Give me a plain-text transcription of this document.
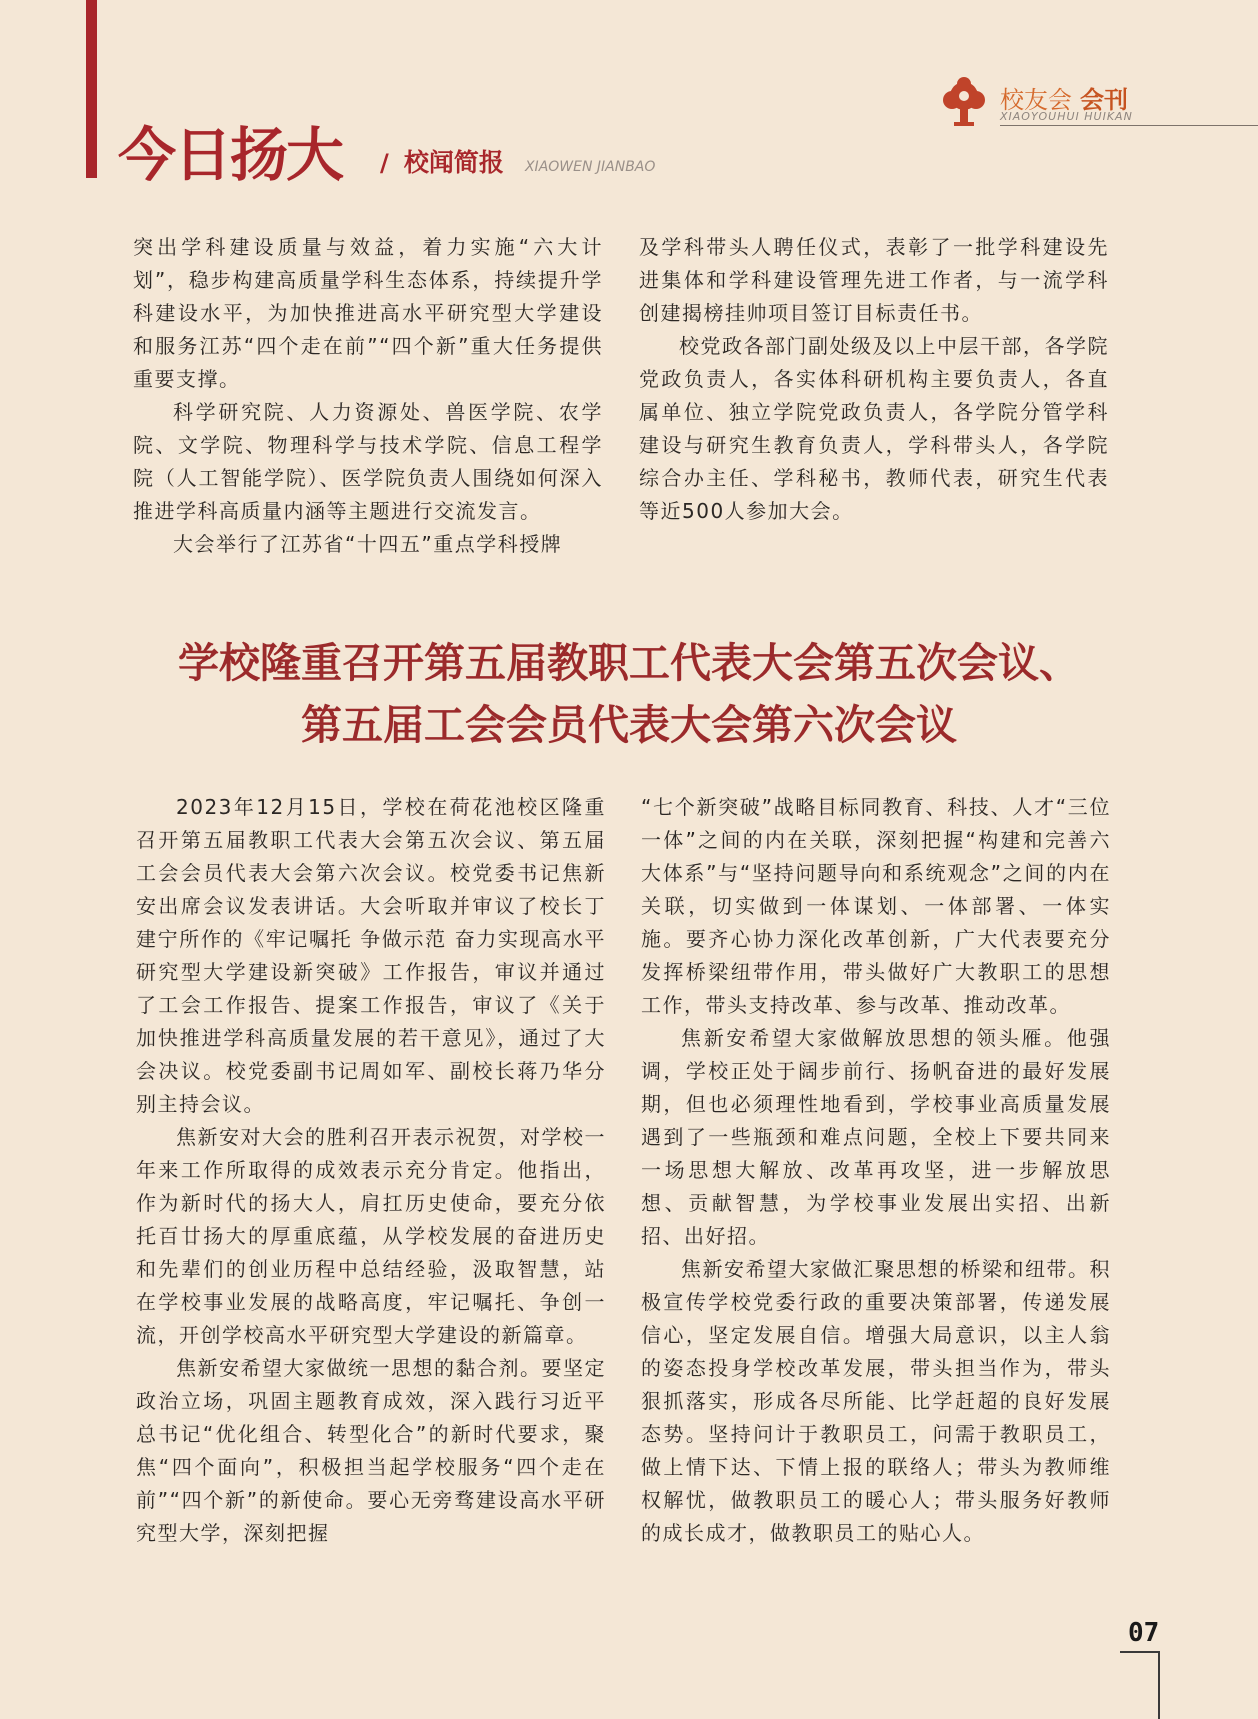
今日扬大 / 校闻简报 XIAOWEN JIANBAO
校友会 会刊
XIAOYOUHUI HUIKAN

突出学科建设质量与效益，着力实施“六大计划”，稳步构建高质量学科生态体系，持续提升学科建设水平，为加快推进高水平研究型大学建设和服务江苏“四个走在前”“四个新”重大任务提供重要支撑。

科学研究院、人力资源处、兽医学院、农学院、文学院、物理科学与技术学院、信息工程学院（人工智能学院）、医学院负责人围绕如何深入推进学科高质量内涵等主题进行交流发言。

大会举行了江苏省“十四五”重点学科授牌

及学科带头人聘任仪式，表彰了一批学科建设先进集体和学科建设管理先进工作者，与一流学科创建揭榜挂帅项目签订目标责任书。

校党政各部门副处级及以上中层干部，各学院党政负责人，各实体科研机构主要负责人，各直属单位、独立学院党政负责人，各学院分管学科建设与研究生教育负责人，学科带头人，各学院综合办主任、学科秘书，教师代表，研究生代表等近500人参加大会。

学校隆重召开第五届教职工代表大会第五次会议、
第五届工会会员代表大会第六次会议

2023年12月15日，学校在荷花池校区隆重召开第五届教职工代表大会第五次会议、第五届工会会员代表大会第六次会议。校党委书记焦新安出席会议发表讲话。大会听取并审议了校长丁建宁所作的《牢记嘱托 争做示范 奋力实现高水平研究型大学建设新突破》工作报告，审议并通过了工会工作报告、提案工作报告，审议了《关于加快推进学科高质量发展的若干意见》，通过了大会决议。校党委副书记周如军、副校长蒋乃华分别主持会议。

焦新安对大会的胜利召开表示祝贺，对学校一年来工作所取得的成效表示充分肯定。他指出，作为新时代的扬大人，肩扛历史使命，要充分依托百廿扬大的厚重底蕴，从学校发展的奋进历史和先辈们的创业历程中总结经验，汲取智慧，站在学校事业发展的战略高度，牢记嘱托、争创一流，开创学校高水平研究型大学建设的新篇章。

焦新安希望大家做统一思想的黏合剂。要坚定政治立场，巩固主题教育成效，深入践行习近平总书记“优化组合、转型化合”的新时代要求，聚焦“四个面向”，积极担当起学校服务“四个走在前”“四个新”的新使命。要心无旁骛建设高水平研究型大学，深刻把握

“七个新突破”战略目标同教育、科技、人才“三位一体”之间的内在关联，深刻把握“构建和完善六大体系”与“坚持问题导向和系统观念”之间的内在关联，切实做到一体谋划、一体部署、一体实施。要齐心协力深化改革创新，广大代表要充分发挥桥梁纽带作用，带头做好广大教职工的思想工作，带头支持改革、参与改革、推动改革。

焦新安希望大家做解放思想的领头雁。他强调，学校正处于阔步前行、扬帆奋进的最好发展期，但也必须理性地看到，学校事业高质量发展遇到了一些瓶颈和难点问题，全校上下要共同来一场思想大解放、改革再攻坚，进一步解放思想、贡献智慧，为学校事业发展出实招、出新招、出好招。

焦新安希望大家做汇聚思想的桥梁和纽带。积极宣传学校党委行政的重要决策部署，传递发展信心，坚定发展自信。增强大局意识，以主人翁的姿态投身学校改革发展，带头担当作为，带头狠抓落实，形成各尽所能、比学赶超的良好发展态势。坚持问计于教职员工，问需于教职员工，做上情下达、下情上报的联络人；带头为教师维权解忧，做教职员工的暖心人；带头服务好教师的成长成才，做教职员工的贴心人。

07
